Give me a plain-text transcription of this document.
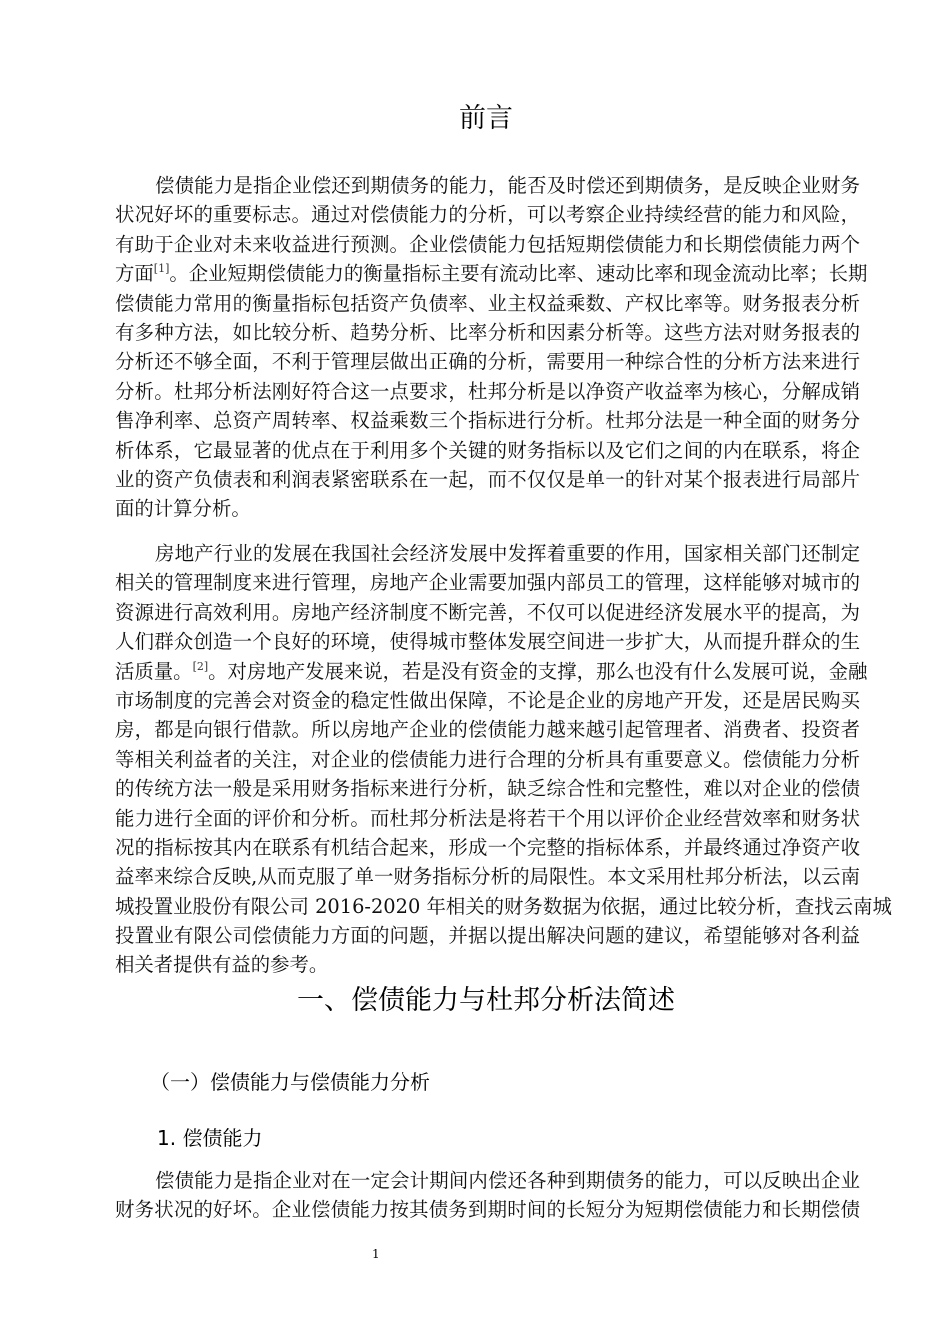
前言
偿债能力是指企业偿还到期债务的能力，能否及时偿还到期债务，是反映企业财务
状况好坏的重要标志。通过对偿债能力的分析，可以考察企业持续经营的能力和风险，
有助于企业对未来收益进行预测。企业偿债能力包括短期偿债能力和长期偿债能力两个
方面[1]。企业短期偿债能力的衡量指标主要有流动比率、速动比率和现金流动比率；长期
偿债能力常用的衡量指标包括资产负债率、业主权益乘数、产权比率等。财务报表分析
有多种方法，如比较分析、趋势分析、比率分析和因素分析等。这些方法对财务报表的
分析还不够全面，不利于管理层做出正确的分析，需要用一种综合性的分析方法来进行
分析。杜邦分析法刚好符合这一点要求，杜邦分析是以净资产收益率为核心，分解成销
售净利率、总资产周转率、权益乘数三个指标进行分析。杜邦分法是一种全面的财务分
析体系，它最显著的优点在于利用多个关键的财务指标以及它们之间的内在联系，将企
业的资产负债表和利润表紧密联系在一起，而不仅仅是单一的针对某个报表进行局部片
面的计算分析。
房地产行业的发展在我国社会经济发展中发挥着重要的作用，国家相关部门还制定
相关的管理制度来进行管理，房地产企业需要加强内部员工的管理，这样能够对城市的
资源进行高效利用。房地产经济制度不断完善，不仅可以促进经济发展水平的提高，为
人们群众创造一个良好的环境，使得城市整体发展空间进一步扩大，从而提升群众的生
活质量。[2]。对房地产发展来说，若是没有资金的支撑，那么也没有什么发展可说，金融
市场制度的完善会对资金的稳定性做出保障，不论是企业的房地产开发，还是居民购买
房，都是向银行借款。所以房地产企业的偿债能力越来越引起管理者、消费者、投资者
等相关利益者的关注，对企业的偿债能力进行合理的分析具有重要意义。偿债能力分析
的传统方法一般是采用财务指标来进行分析，缺乏综合性和完整性，难以对企业的偿债
能力进行全面的评价和分析。而杜邦分析法是将若干个用以评价企业经营效率和财务状
况的指标按其内在联系有机结合起来，形成一个完整的指标体系，并最终通过净资产收
益率来综合反映,从而克服了单一财务指标分析的局限性。本文采用杜邦分析法，以云南
城投置业股份有限公司 2016-2020 年相关的财务数据为依据，通过比较分析，查找云南城
投置业有限公司偿债能力方面的问题，并据以提出解决问题的建议，希望能够对各利益
相关者提供有益的参考。
一、偿债能力与杜邦分析法简述
（一）偿债能力与偿债能力分析
1. 偿债能力
偿债能力是指企业对在一定会计期间内偿还各种到期债务的能力，可以反映出企业
财务状况的好坏。企业偿债能力按其债务到期时间的长短分为短期偿债能力和长期偿债
1
